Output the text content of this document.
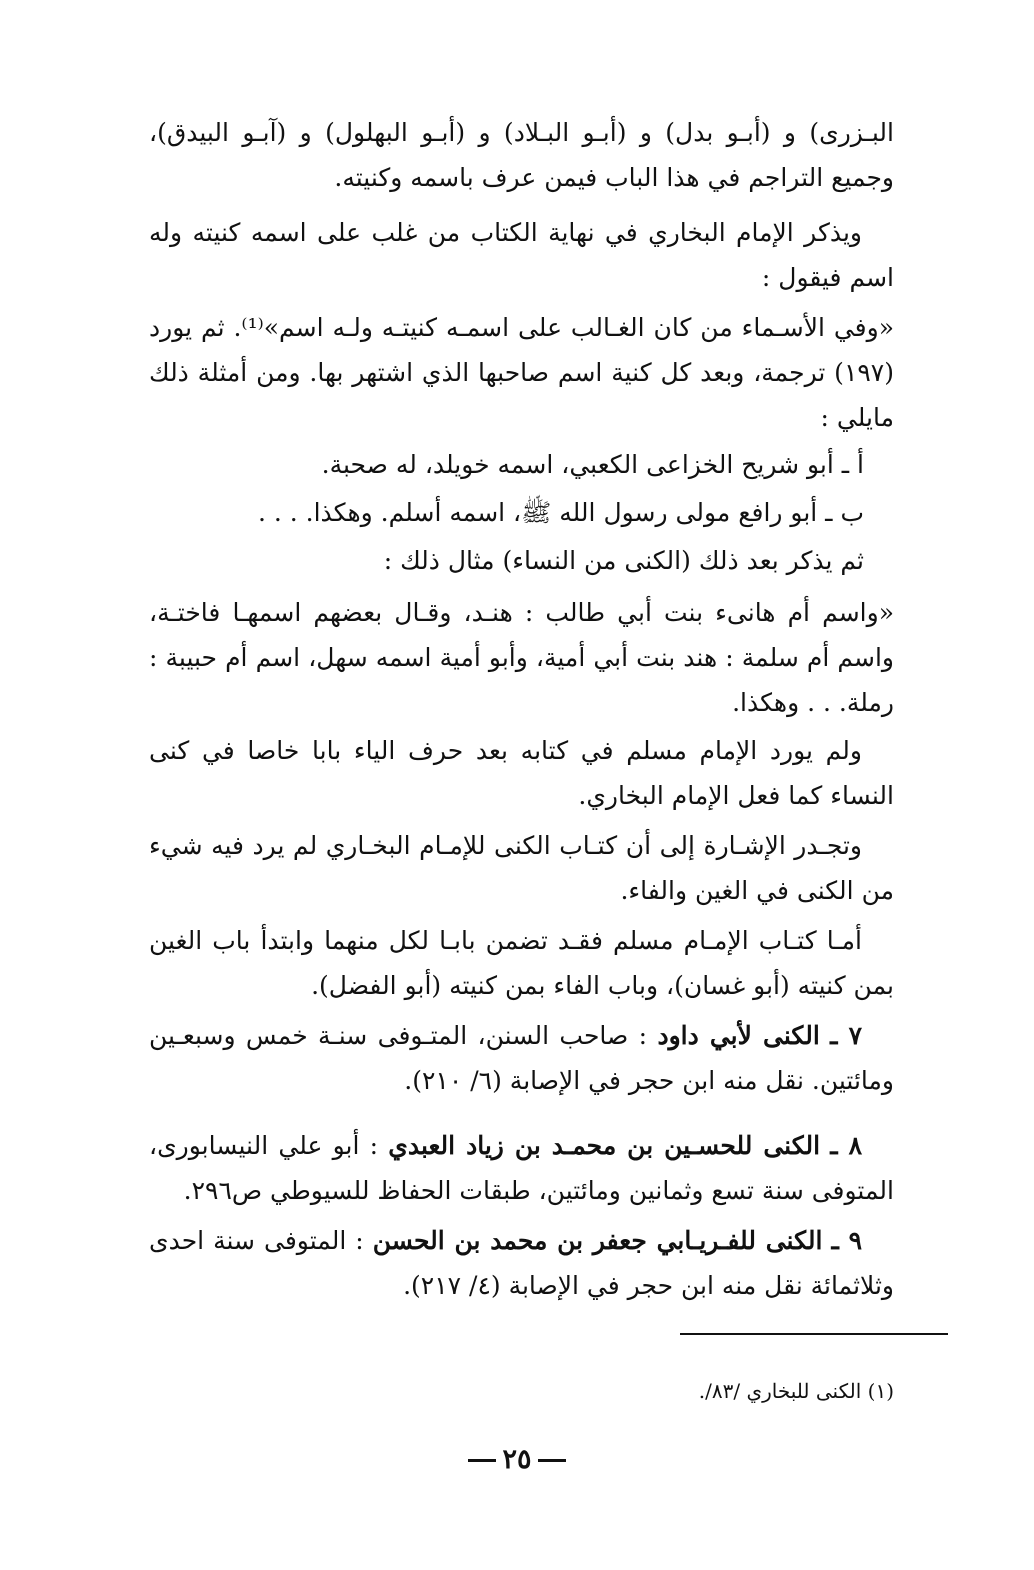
البـزرى) و (أبـو بدل) و (أبـو البـلاد) و (أبـو البهلول) و (آبـو البيدق)، وجميع التراجم في هذا الباب فيمن عرف باسمه وكنيته.
ويذكر الإمام البخاري في نهاية الكتاب من غلب على اسمه كنيته وله اسم فيقول :
«وفي الأسـماء من كان الغـالب على اسمـه كنيتـه ولـه اسم»⁽¹⁾. ثم يورد (١٩٧) ترجمة، وبعد كل كنية اسم صاحبها الذي اشتهر بها. ومن أمثلة ذلك مايلي :
أ ـ أبو شريح الخزاعى الكعبي، اسمه خويلد، له صحبة.
ب ـ أبو رافع مولى رسول الله ﷺ، اسمه أسلم. وهكذا. . . .
ثم يذكر بعد ذلك (الكنى من النساء) مثال ذلك :
«واسم أم هانىء بنت أبي طالب : هنـد، وقـال بعضهم اسمهـا فاختـة، واسم أم سلمة : هند بنت أبي أمية، وأبو أمية اسمه سهل، اسم أم حبيبة : رملة. . . وهكذا.
ولم يورد الإمام مسلم في كتابه بعد حرف الياء بابا خاصا في كنى النساء كما فعل الإمام البخاري.
وتجـدر الإشـارة إلى أن كتـاب الكنى للإمـام البخـاري لم يرد فيه شيء من الكنى في الغين والفاء.
أمـا كتـاب الإمـام مسلم فقـد تضمن بابـا لكل منهما وابتدأ باب الغين بمن كنيته (أبو غسان)، وباب الفاء بمن كنيته (أبو الفضل).
٧ ـ الكنى لأبي داود : صاحب السنن، المتـوفى سنـة خمس وسبعـين ومائتين. نقل منه ابن حجر في الإصابة (٦/ ٢١٠).
٨ ـ الكنى للحسـين بن محمـد بن زياد العبدي : أبو علي النيسابورى، المتوفى سنة تسع وثمانين ومائتين، طبقات الحفاظ للسيوطي ص٢٩٦.
٩ ـ الكنى للفـريـابي جعفر بن محمد بن الحسن : المتوفى سنة احدى وثلاثمائة نقل منه ابن حجر في الإصابة (٤/ ٢١٧).
(١) الكنى للبخاري /٨٣/.
٢٥
